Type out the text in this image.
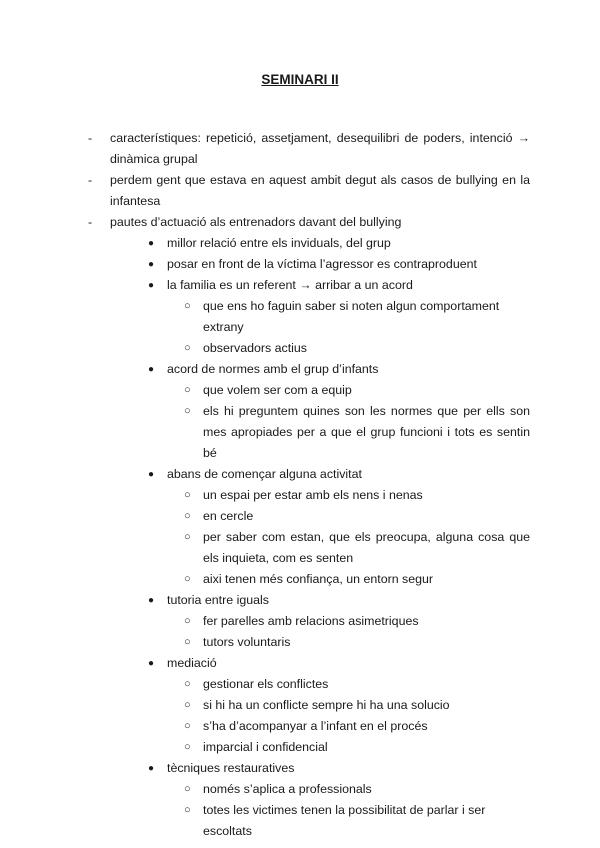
SEMINARI II
- característiques: repetició, assetjament, desequilibri de poders, intenció → dinàmica grupal
- perdem gent que estava en aquest ambit degut als casos de bullying en la infantesa
- pautes d’actuació als entrenadors davant del bullying
● millor relació entre els inviduals, del grup
● posar en front de la víctima l’agressor es contraproduent
● la familia es un referent → arribar a un acord
○ que ens ho faguin saber si noten algun comportament extrany
○ observadors actius
● acord de normes amb el grup d’infants
○ que volem ser com a equip
○ els hi preguntem quines son les normes que per ells son mes apropiades per a que el grup funcioni i tots es sentin bé
● abans de començar alguna activitat
○ un espai per estar amb els nens i nenas
○ en cercle
○ per saber com estan, que els preocupa, alguna cosa que els inquieta, com es senten
○ aixi tenen més confiança, un entorn segur
● tutoria entre iguals
○ fer parelles amb relacions asimetriques
○ tutors voluntaris
● mediació
○ gestionar els conflictes
○ si hi ha un conflicte sempre hi ha una solucio
○ s’ha d’acompanyar a l’infant en el procés
○ imparcial i confidencial
● tècniques restauratives
○ només s’aplica a professionals
○ totes les victimes tenen la possibilitat de parlar i ser escoltats
